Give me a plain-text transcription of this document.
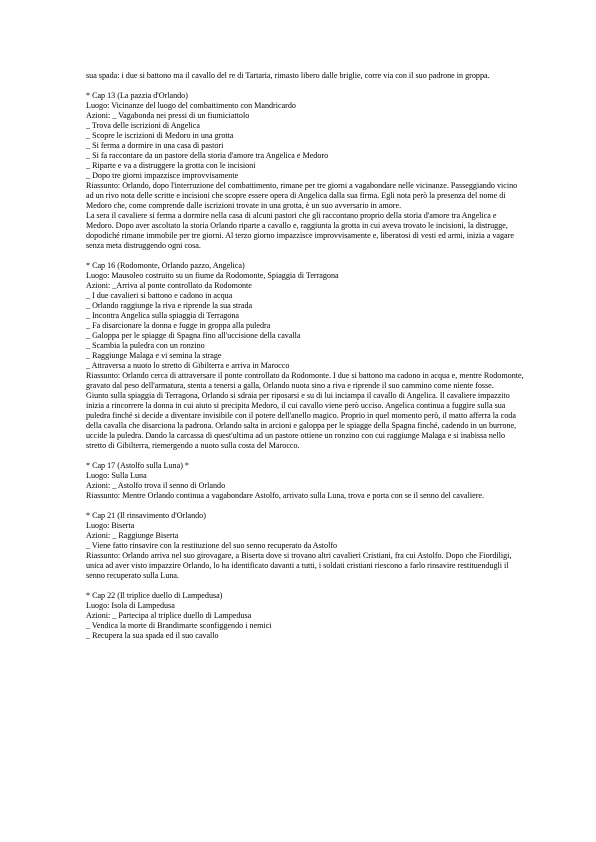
sua spada: i due si battono ma il cavallo del re di Tartaria, rimasto libero dalle briglie, corre via con il suo padrone in groppa.

* Cap 13 (La pazzia d'Orlando)

Luogo: Vicinanze del luogo del combattimento con Mandricardo

Azioni: _ Vagabonda nei pressi di un fiumiciattolo

_ Trova delle iscrizioni di Angelica

_ Scopre le iscrizioni di Medoro in una grotta

_ Si ferma a dormire in una casa di pastori

_ Si fa raccontare da un pastore della storia d'amore tra Angelica e Medoro

_ Riparte e va a distruggere la grotta con le incisioni

_ Dopo tre giorni impazzisce improvvisamente

Riassunto: Orlando, dopo l'interruzione del combattimento, rimane per tre giorni a vagabondare nelle vicinanze. Passeggiando vicino ad un rivo nota delle scritte e incisioni che scopre essere opera di Angelica dalla sua firma. Egli nota però la presenza del nome di Medoro che, come comprende dalle iscrizioni trovate in una grotta, è un suo avversario in amore.

La sera il cavaliere si ferma a dormire nella casa di alcuni pastori che gli raccontano proprio della storia d'amore tra Angelica e Medoro. Dopo aver ascoltato la storia Orlando riparte a cavallo e, raggiunta la grotta in cui aveva trovato le incisioni, la distrugge, dopodiché rimane immobile per tre giorni. Al terzo giorno impazzisce improvvisamente e, liberatosi di vesti ed armi, inizia a vagare senza meta distruggendo ogni cosa.

* Cap 16 (Rodomonte, Orlando pazzo, Angelica)

Luogo: Mausoleo costruito su un fiume da Rodomonte, Spiaggia di Terragona

Azioni: _Arriva al ponte controllato da Rodomonte

_ I due cavalieri si battono e cadono in acqua

_ Orlando raggiunge la riva e riprende la sua strada

_ Incontra Angelica sulla spiaggia di Terragona

_ Fa disarcionare la donna e fugge in groppa alla puledra

_ Galoppa per le spiagge di Spagna fino all'uccisione della cavalla

_ Scambia la puledra con un ronzino

_ Raggiunge Malaga e vi semina la strage

_ Attraversa a nuoto lo stretto di Gibilterra e arriva in Marocco

Riassunto: Orlando cerca di attraversare il ponte controllato da Rodomonte. I due si battono ma cadono in acqua e, mentre Rodomonte, gravato dal peso dell'armatura, stenta a tenersi a galla, Orlando nuota sino a riva e riprende il suo cammino come niente fosse.

Giunto sulla spiaggia di Terragona, Orlando si sdraia per riposarsi e su di lui inciampa il cavallo di Angelica. Il cavaliere impazzito inizia a rincorrere la donna in cui aiuto si precipita Medoro, il cui cavallo viene però ucciso. Angelica continua a fuggire sulla sua puledra finché si decide a diventare invisibile con il potere dell'anello magico. Proprio in quel momento però, il matto afferra la coda della cavalla che disarciona la padrona. Orlando salta in arcioni e galoppa per le spiagge della Spagna finché, cadendo in un burrone, uccide la puledra. Dando la carcassa di quest'ultima ad un pastore ottiene un ronzino con cui raggiunge Malaga e si inabissa nello stretto di Gibilterra, riemergendo a nuoto sulla costa del Marocco.

* Cap 17 (Astolfo sulla Luna) *

Luogo: Sulla Luna

Azioni: _ Astolfo trova il senno di Orlando

Riassunto: Mentre Orlando continua a vagabondare Astolfo, arrivato sulla Luna, trova e porta con se il senno del cavaliere.

* Cap 21 (Il rinsavimento d'Orlando)

Luogo: Biserta

Azioni: _ Raggiunge Biserta

_ Viene fatto rinsavire con la restituzione del suo senno recuperato da Astolfo

Riassunto: Orlando arriva nel suo girovagare, a Biserta dove si trovano altri cavalieri Cristiani, fra cui Astolfo. Dopo che Fiordiligi, unica ad aver visto impazzire Orlando, lo ha identificato davanti a tutti, i soldati cristiani riescono a farlo rinsavire restituendugli il senno recuperato sulla Luna.

* Cap 22 (Il triplice duello di Lampedusa)

Luogo: Isola di Lampedusa

Azioni: _ Partecipa al triplice duello di Lampedusa

_ Vendica la morte di Brandimarte sconfiggendo i nemici

_ Recupera la sua spada ed il suo cavallo
